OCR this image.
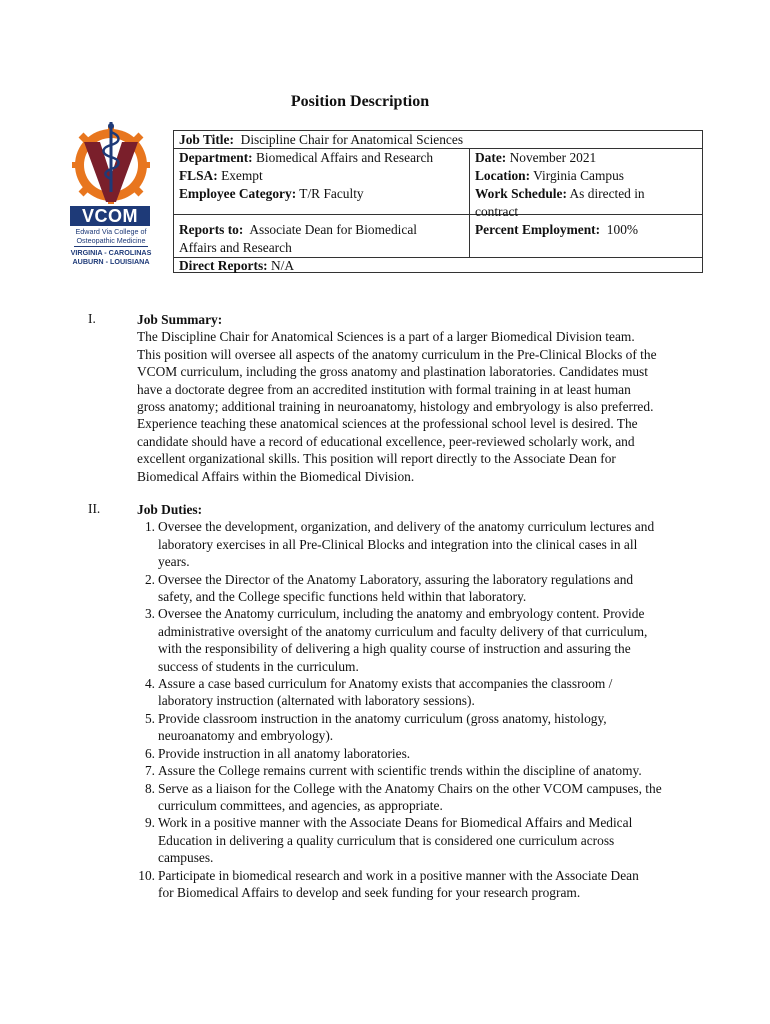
Position Description
VCOM
Edward Via College of
Osteopathic Medicine
VIRGINIA - CAROLINAS
AUBURN - LOUISIANA
Job Title: Discipline Chair for Anatomical Sciences
Department: Biomedical Affairs and Research
FLSA: Exempt
Employee Category: T/R Faculty
Reports to: Associate Dean for Biomedical
Affairs and Research
Direct Reports: N/A
Date: November 2021
Location: Virginia Campus
Work Schedule: As directed in
contract
Percent Employment: 100%
I.	Job Summary:
The Discipline Chair for Anatomical Sciences is a part of a larger Biomedical Division team.
This position will oversee all aspects of the anatomy curriculum in the Pre-Clinical Blocks of the
VCOM curriculum, including the gross anatomy and plastination laboratories. Candidates must
have a doctorate degree from an accredited institution with formal training in at least human
gross anatomy; additional training in neuroanatomy, histology and embryology is also preferred.
Experience teaching these anatomical sciences at the professional school level is desired. The
candidate should have a record of educational excellence, peer-reviewed scholarly work, and
excellent organizational skills. This position will report directly to the Associate Dean for
Biomedical Affairs within the Biomedical Division.
II.	Job Duties:
1. Oversee the development, organization, and delivery of the anatomy curriculum lectures and
laboratory exercises in all Pre-Clinical Blocks and integration into the clinical cases in all
years.
2. Oversee the Director of the Anatomy Laboratory, assuring the laboratory regulations and
safety, and the College specific functions held within that laboratory.
3. Oversee the Anatomy curriculum, including the anatomy and embryology content. Provide
administrative oversight of the anatomy curriculum and faculty delivery of that curriculum,
with the responsibility of delivering a high quality course of instruction and assuring the
success of students in the curriculum.
4. Assure a case based curriculum for Anatomy exists that accompanies the classroom /
laboratory instruction (alternated with laboratory sessions).
5. Provide classroom instruction in the anatomy curriculum (gross anatomy, histology,
neuroanatomy and embryology).
6. Provide instruction in all anatomy laboratories.
7. Assure the College remains current with scientific trends within the discipline of anatomy.
8. Serve as a liaison for the College with the Anatomy Chairs on the other VCOM campuses, the
curriculum committees, and agencies, as appropriate.
9. Work in a positive manner with the Associate Deans for Biomedical Affairs and Medical
Education in delivering a quality curriculum that is considered one curriculum across
campuses.
10. Participate in biomedical research and work in a positive manner with the Associate Dean
for Biomedical Affairs to develop and seek funding for your research program.
